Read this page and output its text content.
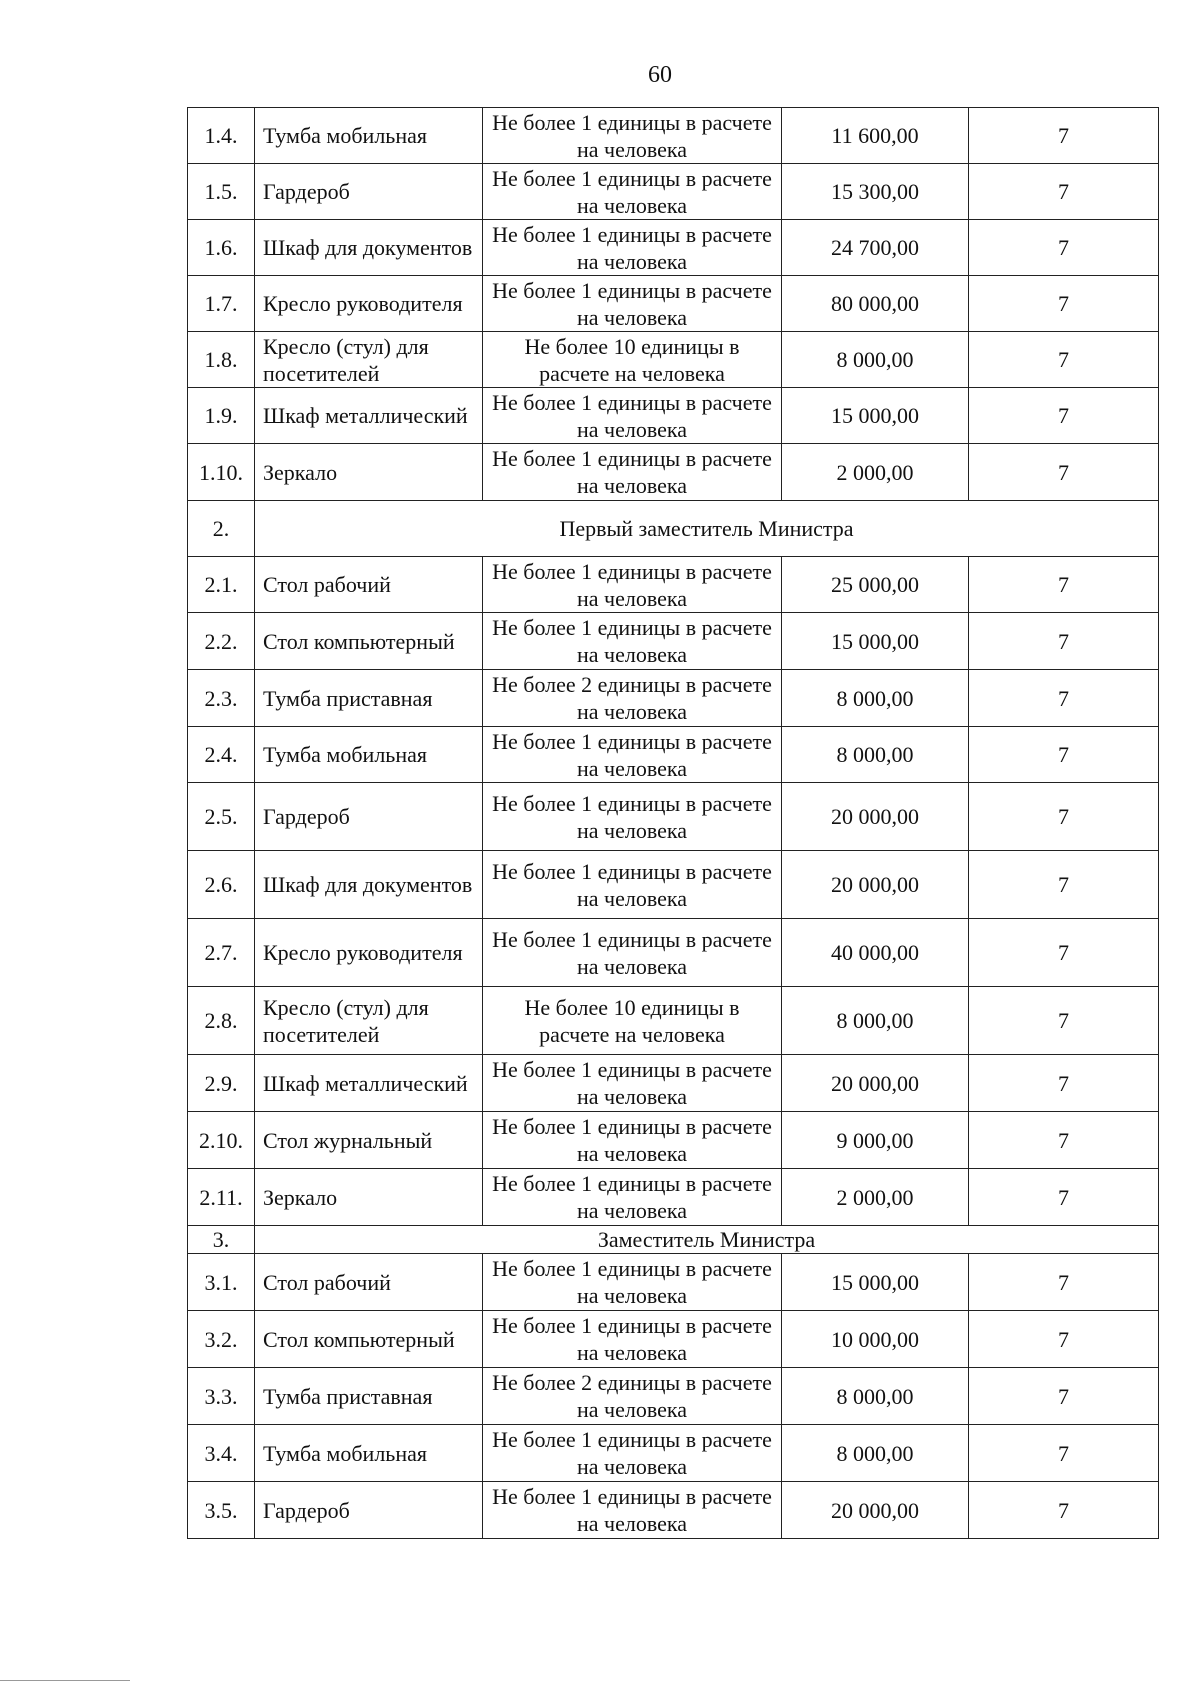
60
1.4.	Тумба мобильная	Не более 1 единицы в расчете на человека	11 600,00	7
1.5.	Гардероб	Не более 1 единицы в расчете на человека	15 300,00	7
1.6.	Шкаф для документов	Не более 1 единицы в расчете на человека	24 700,00	7
1.7.	Кресло руководителя	Не более 1 единицы в расчете на человека	80 000,00	7
1.8.	Кресло (стул) для посетителей	Не более 10 единицы в расчете на человека	8 000,00	7
1.9.	Шкаф металлический	Не более 1 единицы в расчете на человека	15 000,00	7
1.10.	Зеркало	Не более 1 единицы в расчете на человека	2 000,00	7
2.	Первый заместитель Министра			
2.1.	Стол рабочий	Не более 1 единицы в расчете на человека	25 000,00	7
2.2.	Стол компьютерный	Не более 1 единицы в расчете на человека	15 000,00	7
2.3.	Тумба приставная	Не более 2 единицы в расчете на человека	8 000,00	7
2.4.	Тумба мобильная	Не более 1 единицы в расчете на человека	8 000,00	7
2.5.	Гардероб	Не более 1 единицы в расчете на человека	20 000,00	7
2.6.	Шкаф для документов	Не более 1 единицы в расчете на человека	20 000,00	7
2.7.	Кресло руководителя	Не более 1 единицы в расчете на человека	40 000,00	7
2.8.	Кресло (стул) для посетителей	Не более 10 единицы в расчете на человека	8 000,00	7
2.9.	Шкаф металлический	Не более 1 единицы в расчете на человека	20 000,00	7
2.10.	Стол журнальный	Не более 1 единицы в расчете на человека	9 000,00	7
2.11.	Зеркало	Не более 1 единицы в расчете на человека	2 000,00	7
3.	Заместитель Министра			
3.1.	Стол рабочий	Не более 1 единицы в расчете на человека	15 000,00	7
3.2.	Стол компьютерный	Не более 1 единицы в расчете на человека	10 000,00	7
3.3.	Тумба приставная	Не более 2 единицы в расчете на человека	8 000,00	7
3.4.	Тумба мобильная	Не более 1 единицы в расчете на человека	8 000,00	7
3.5.	Гардероб	Не более 1 единицы в расчете на человека	20 000,00	7
